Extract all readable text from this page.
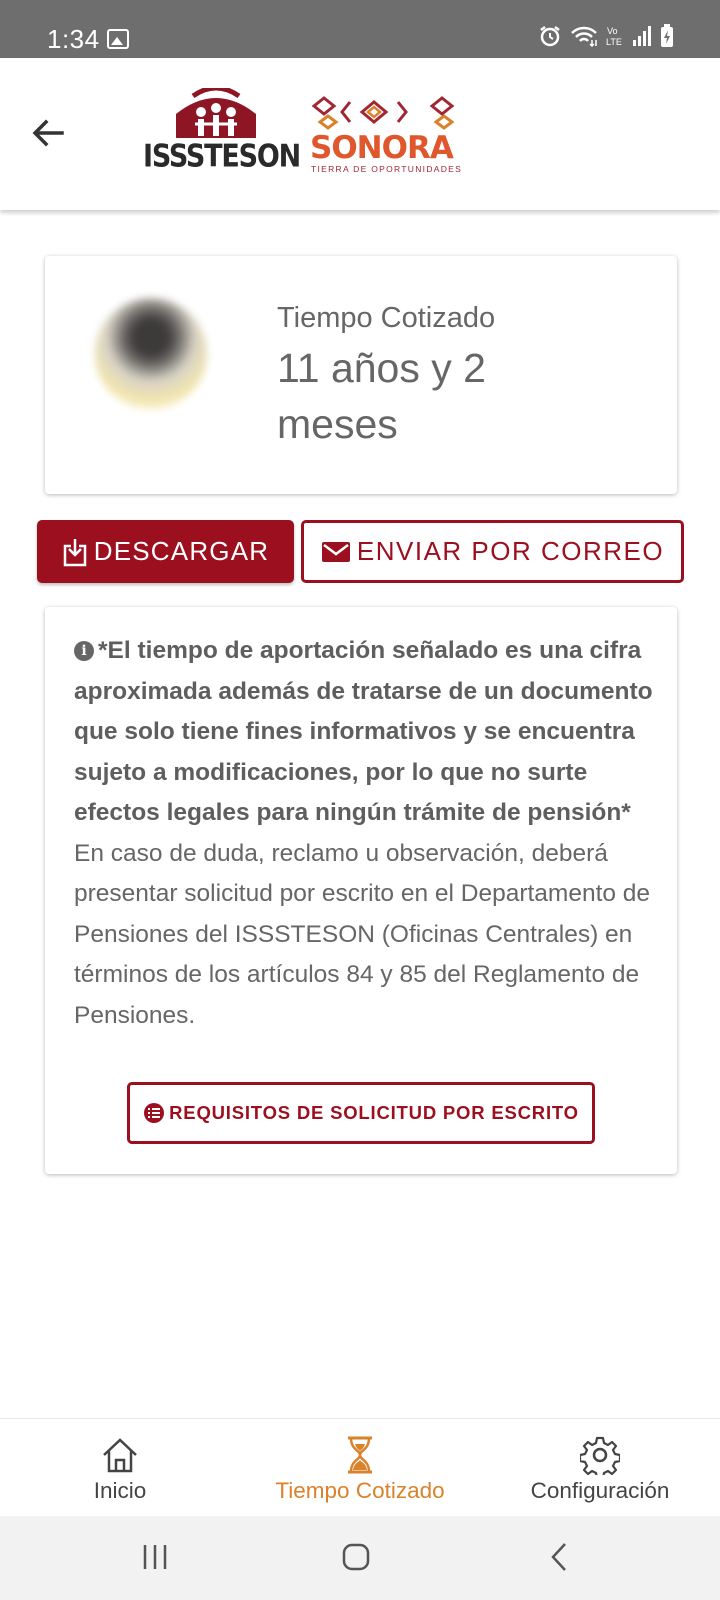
1:34	Vo
LTE
ISSSTESON SONORA
TIERRA DE OPORTUNIDADES
Tiempo Cotizado
11 años y 2 meses
DESCARGAR	ENVIAR POR CORREO
i *El tiempo de aportación señalado es una cifra aproximada además de tratarse de un documento que solo tiene fines informativos y se encuentra sujeto a modificaciones, por lo que no surte efectos legales para ningún trámite de pensión*
En caso de duda, reclamo u observación, deberá presentar solicitud por escrito en el Departamento de Pensiones del ISSSTESON (Oficinas Centrales) en términos de los artículos 84 y 85 del Reglamento de Pensiones.
REQUISITOS DE SOLICITUD POR ESCRITO
Inicio	Tiempo Cotizado	Configuración
